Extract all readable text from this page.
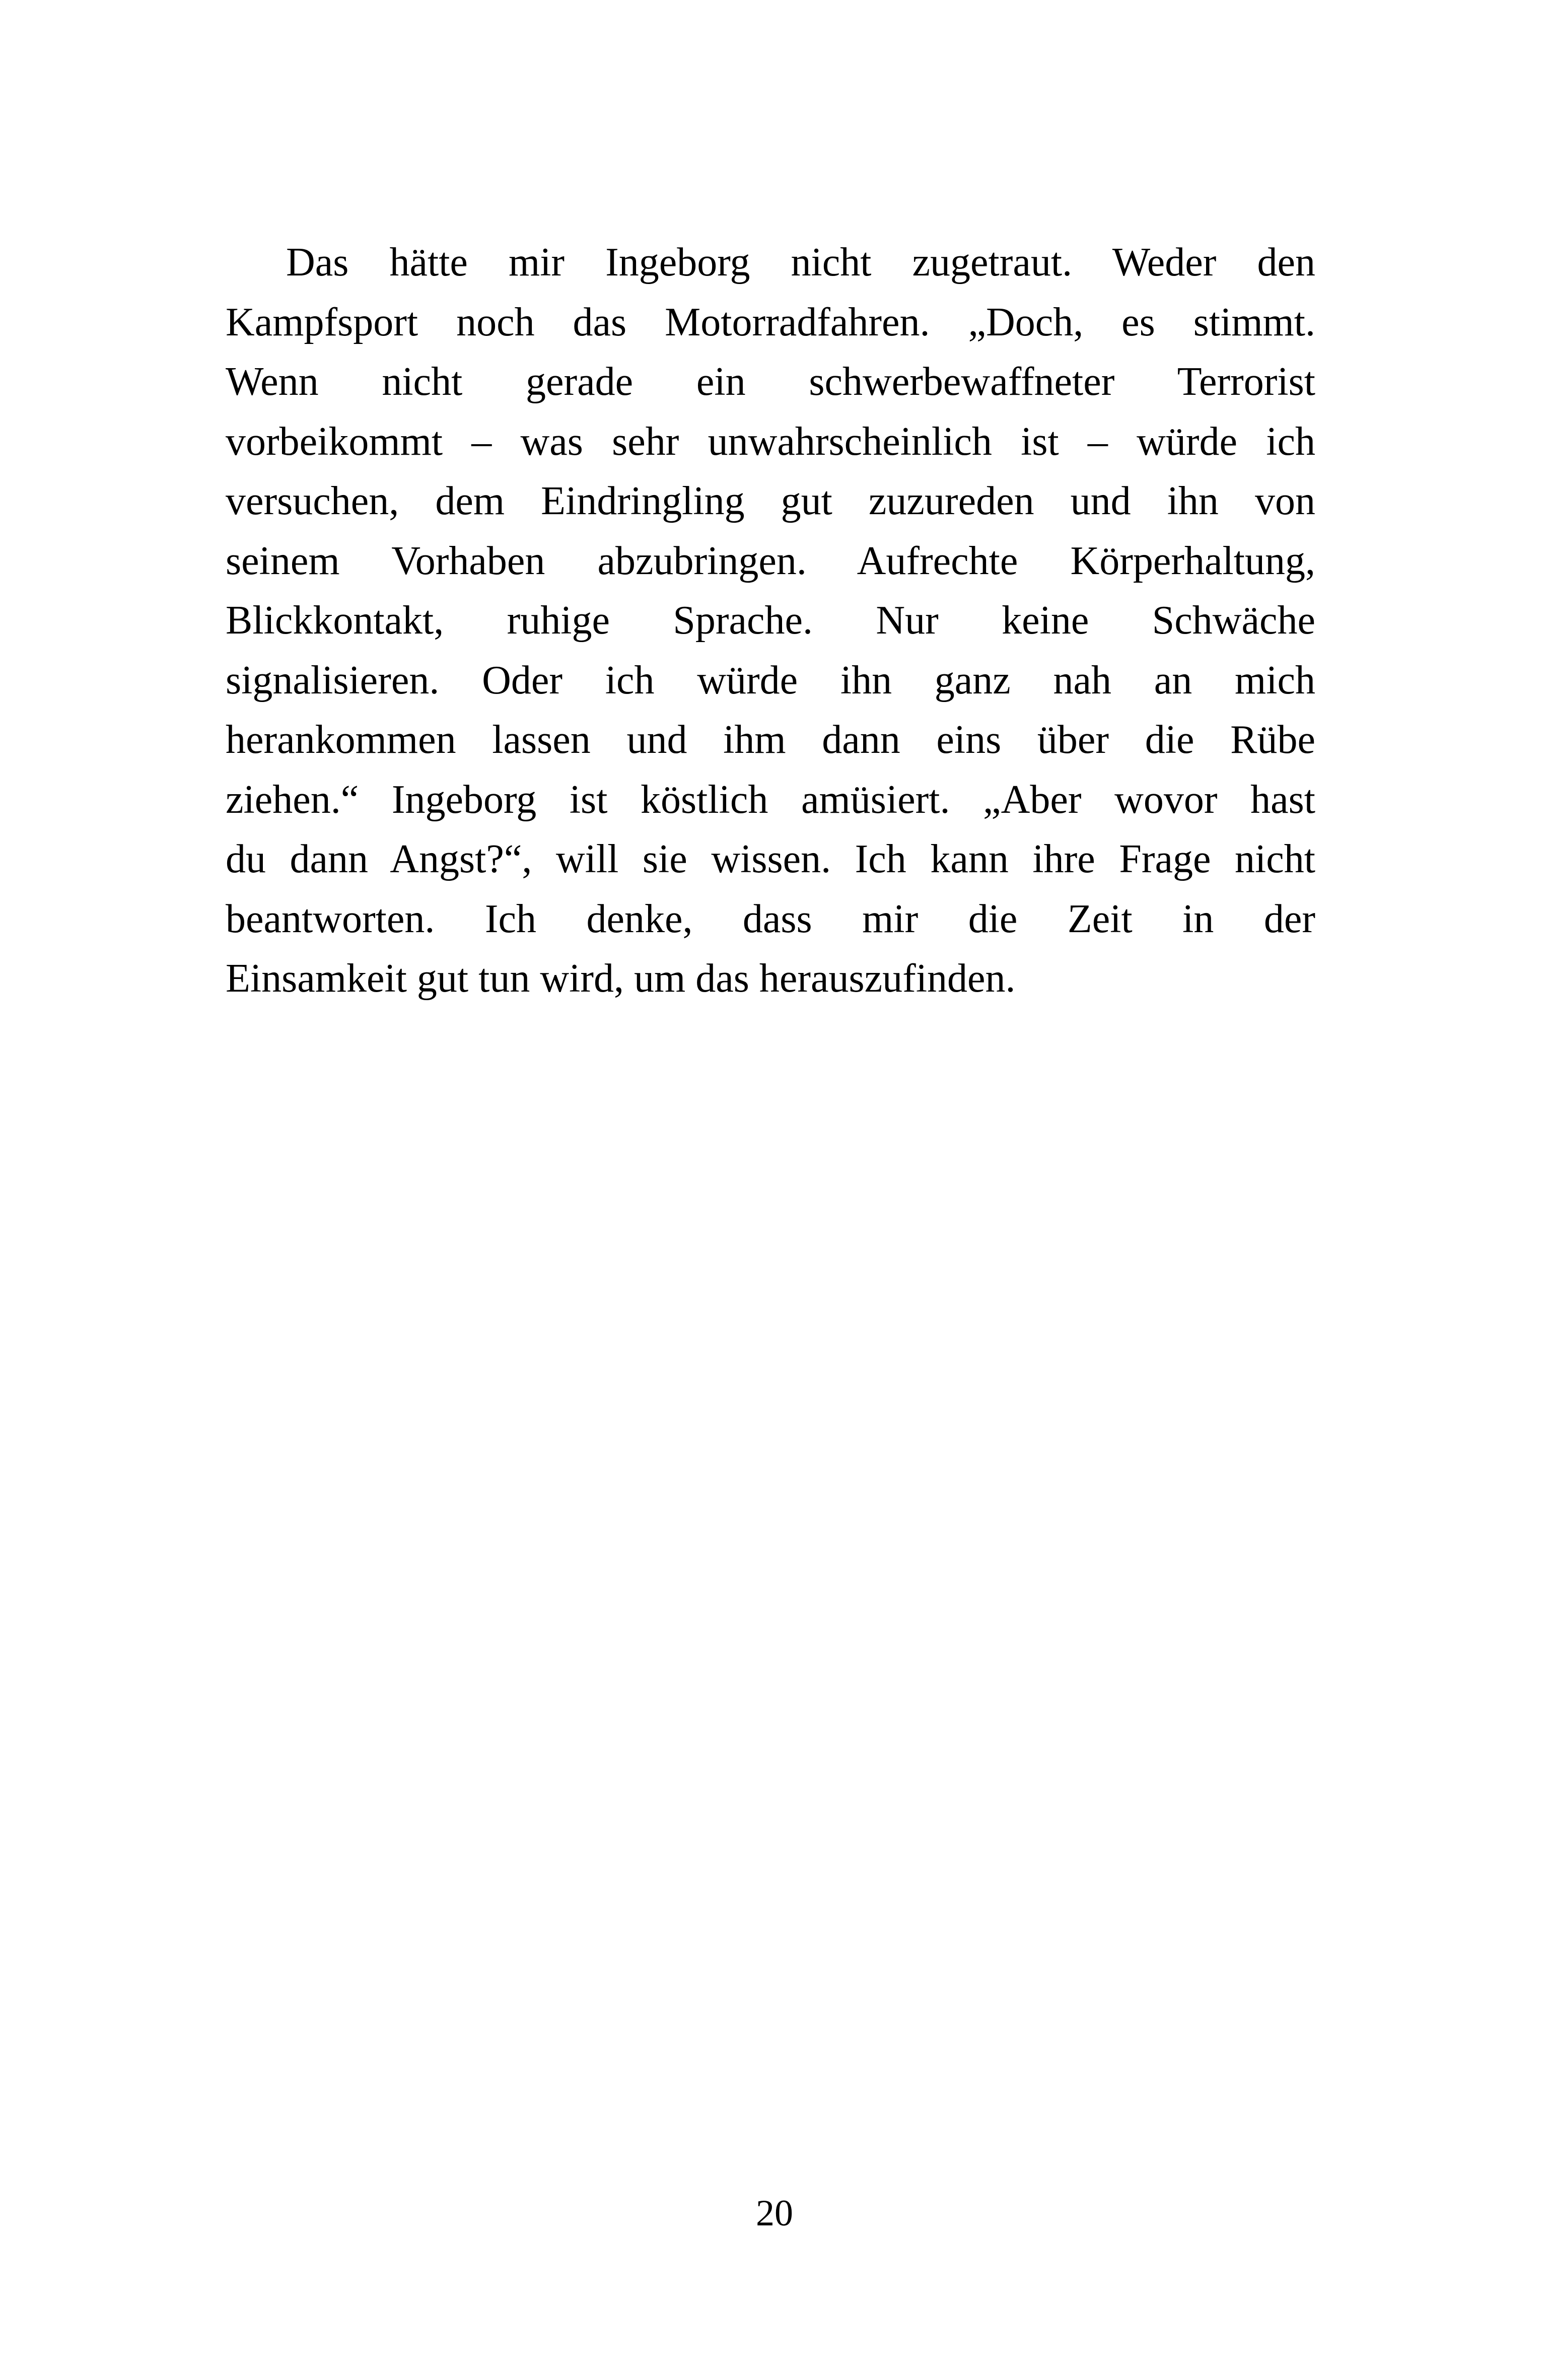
Das hätte mir Ingeborg nicht zugetraut. Weder den
Kampfsport noch das Motorradfahren. „Doch, es stimmt.
Wenn nicht gerade ein schwerbewaffneter Terrorist
vorbeikommt – was sehr unwahrscheinlich ist – würde ich
versuchen, dem Eindringling gut zuzureden und ihn von
seinem Vorhaben abzubringen. Aufrechte Körperhaltung,
Blickkontakt, ruhige Sprache. Nur keine Schwäche
signalisieren. Oder ich würde ihn ganz nah an mich
herankommen lassen und ihm dann eins über die Rübe
ziehen.“ Ingeborg ist köstlich amüsiert. „Aber wovor hast
du dann Angst?“, will sie wissen. Ich kann ihre Frage nicht
beantworten. Ich denke, dass mir die Zeit in der
Einsamkeit gut tun wird, um das herauszufinden.
20
